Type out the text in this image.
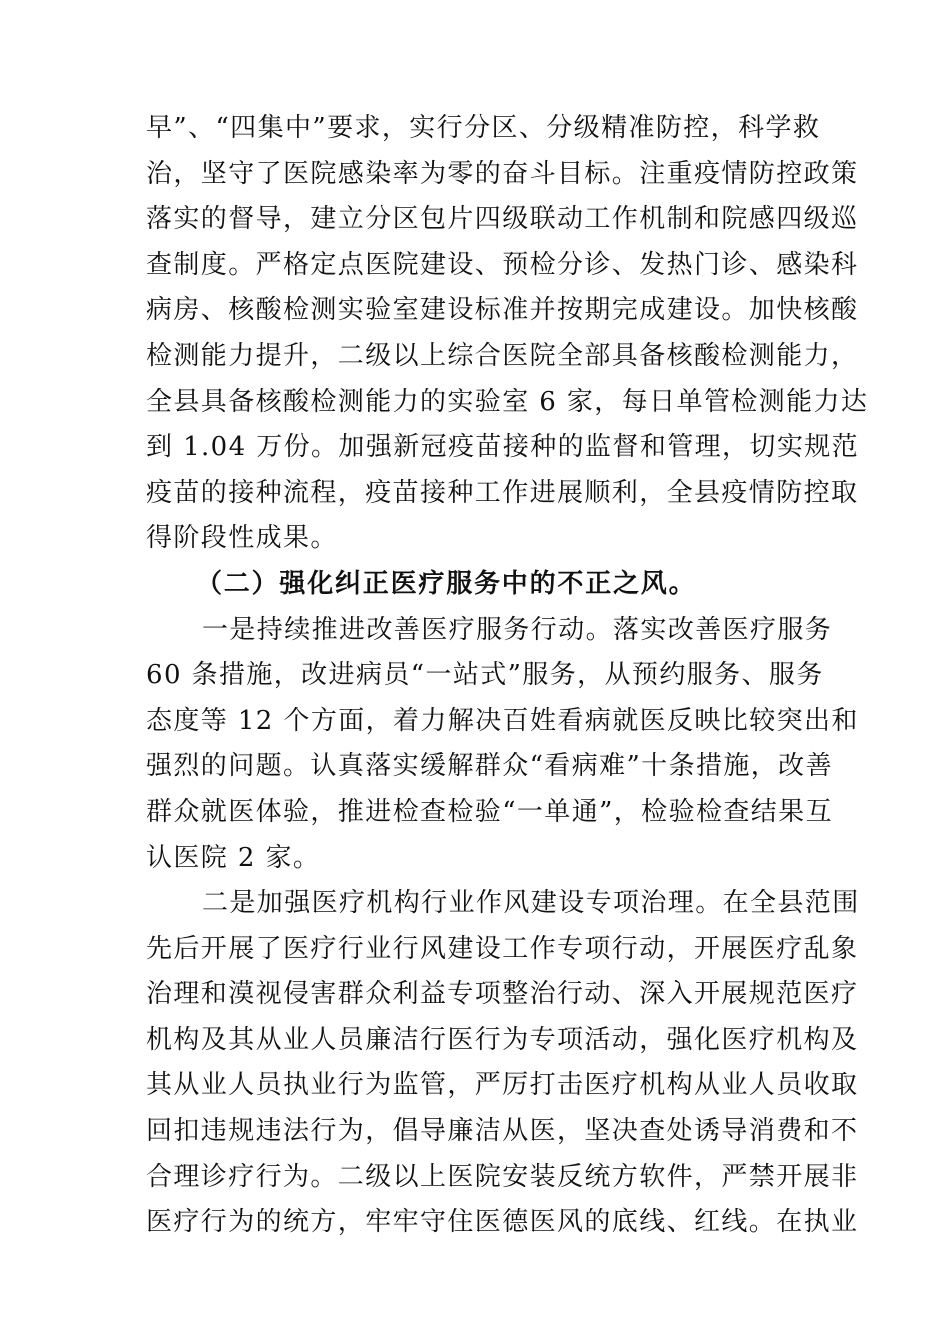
早”、“四集中”要求，实行分区、分级精准防控，科学救
治，坚守了医院感染率为零的奋斗目标。注重疫情防控政策
落实的督导，建立分区包片四级联动工作机制和院感四级巡
查制度。严格定点医院建设、预检分诊、发热门诊、感染科
病房、核酸检测实验室建设标准并按期完成建设。加快核酸
检测能力提升，二级以上综合医院全部具备核酸检测能力，
全县具备核酸检测能力的实验室 6 家，每日单管检测能力达
到 1.04 万份。加强新冠疫苗接种的监督和管理，切实规范
疫苗的接种流程，疫苗接种工作进展顺利，全县疫情防控取
得阶段性成果。
（二）强化纠正医疗服务中的不正之风。
一是持续推进改善医疗服务行动。落实改善医疗服务
60 条措施，改进病员“一站式”服务，从预约服务、服务
态度等 12 个方面，着力解决百姓看病就医反映比较突出和
强烈的问题。认真落实缓解群众“看病难”十条措施，改善
群众就医体验，推进检查检验“一单通”，检验检查结果互
认医院 2 家。
二是加强医疗机构行业作风建设专项治理。在全县范围
先后开展了医疗行业行风建设工作专项行动，开展医疗乱象
治理和漠视侵害群众利益专项整治行动、深入开展规范医疗
机构及其从业人员廉洁行医行为专项活动，强化医疗机构及
其从业人员执业行为监管，严厉打击医疗机构从业人员收取
回扣违规违法行为，倡导廉洁从医，坚决查处诱导消费和不
合理诊疗行为。二级以上医院安装反统方软件，严禁开展非
医疗行为的统方，牢牢守住医德医风的底线、红线。在执业
